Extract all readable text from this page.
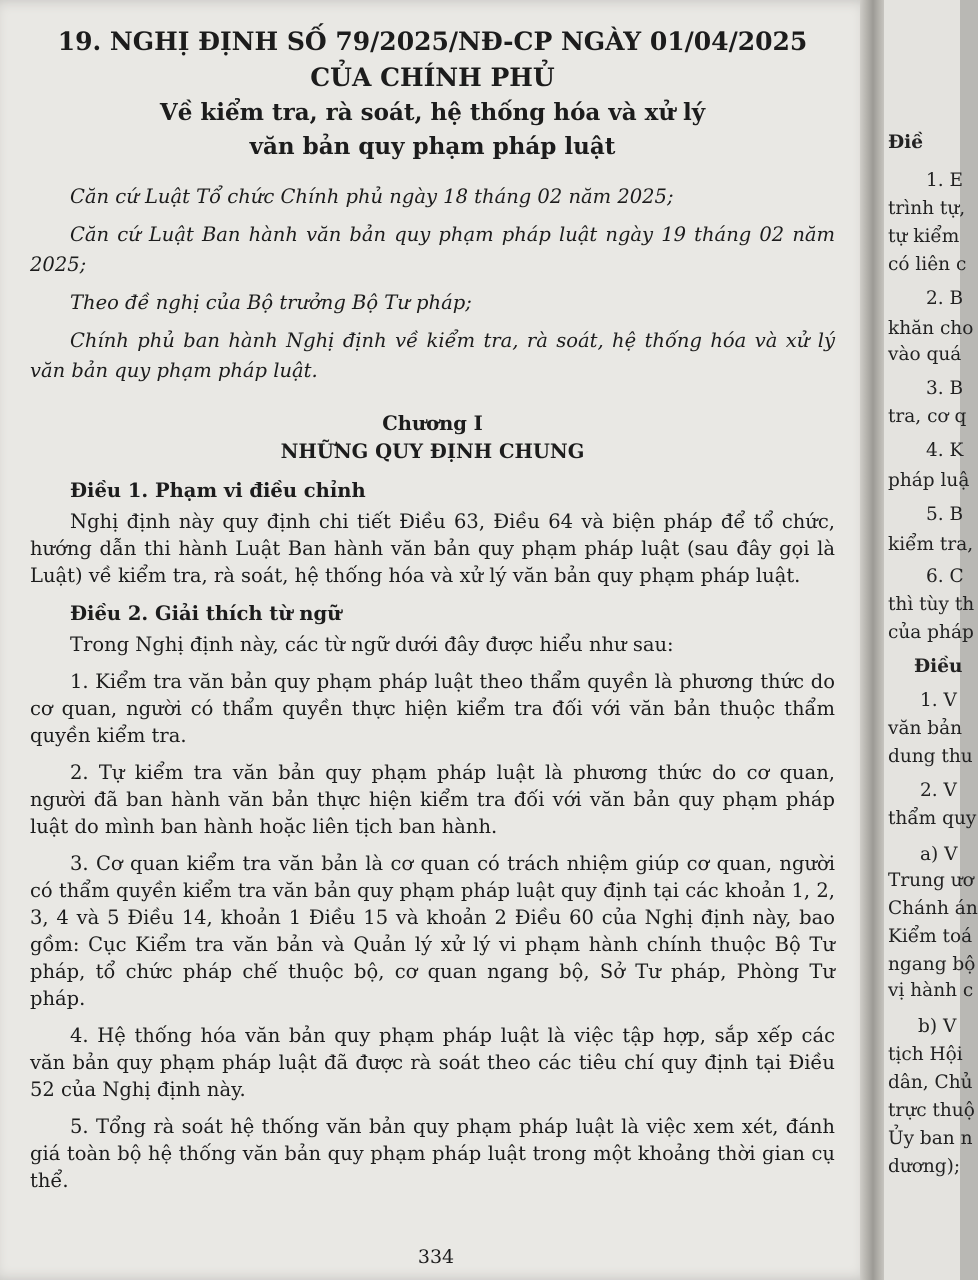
19. NGHỊ ĐỊNH SỐ 79/2025/NĐ-CP NGÀY 01/04/2025

CỦA CHÍNH PHỦ

Về kiểm tra, rà soát, hệ thống hóa và xử lý

văn bản quy phạm pháp luật

Căn cứ Luật Tổ chức Chính phủ ngày 18 tháng 02 năm 2025;

Căn cứ Luật Ban hành văn bản quy phạm pháp luật ngày 19 tháng 02 năm 2025;

Theo đề nghị của Bộ trưởng Bộ Tư pháp;

Chính phủ ban hành Nghị định về kiểm tra, rà soát, hệ thống hóa và xử lý văn bản quy phạm pháp luật.

Chương I

NHỮNG QUY ĐỊNH CHUNG

Điều 1. Phạm vi điều chỉnh

Nghị định này quy định chi tiết Điều 63, Điều 64 và biện pháp để tổ chức, hướng dẫn thi hành Luật Ban hành văn bản quy phạm pháp luật (sau đây gọi là Luật) về kiểm tra, rà soát, hệ thống hóa và xử lý văn bản quy phạm pháp luật.

Điều 2. Giải thích từ ngữ

Trong Nghị định này, các từ ngữ dưới đây được hiểu như sau:

1. Kiểm tra văn bản quy phạm pháp luật theo thẩm quyền là phương thức do cơ quan, người có thẩm quyền thực hiện kiểm tra đối với văn bản thuộc thẩm quyền kiểm tra.

2. Tự kiểm tra văn bản quy phạm pháp luật là phương thức do cơ quan, người đã ban hành văn bản thực hiện kiểm tra đối với văn bản quy phạm pháp luật do mình ban hành hoặc liên tịch ban hành.

3. Cơ quan kiểm tra văn bản là cơ quan có trách nhiệm giúp cơ quan, người có thẩm quyền kiểm tra văn bản quy phạm pháp luật quy định tại các khoản 1, 2, 3, 4 và 5 Điều 14, khoản 1 Điều 15 và khoản 2 Điều 60 của Nghị định này, bao gồm: Cục Kiểm tra văn bản và Quản lý xử lý vi phạm hành chính thuộc Bộ Tư pháp, tổ chức pháp chế thuộc bộ, cơ quan ngang bộ, Sở Tư pháp, Phòng Tư pháp.

4. Hệ thống hóa văn bản quy phạm pháp luật là việc tập hợp, sắp xếp các văn bản quy phạm pháp luật đã được rà soát theo các tiêu chí quy định tại Điều 52 của Nghị định này.

5. Tổng rà soát hệ thống văn bản quy phạm pháp luật là việc xem xét, đánh giá toàn bộ hệ thống văn bản quy phạm pháp luật trong một khoảng thời gian cụ thể.

334
Điề
1. E
trình tự,
tự kiểm
có liên c
2. B
khăn cho
vào quá
3. B
tra, cơ q
4. K
pháp luậ
5. B
kiểm tra,
6. C
thì tùy th
của pháp
Điều
1. V
văn bản
dung thu
2. V
thẩm quy
a) V
Trung ươ
Chánh án
Kiểm toá
ngang bộ
vị hành c
b) V
tịch Hội
dân, Chủ
trực thuộ
Ủy ban n
dương);
